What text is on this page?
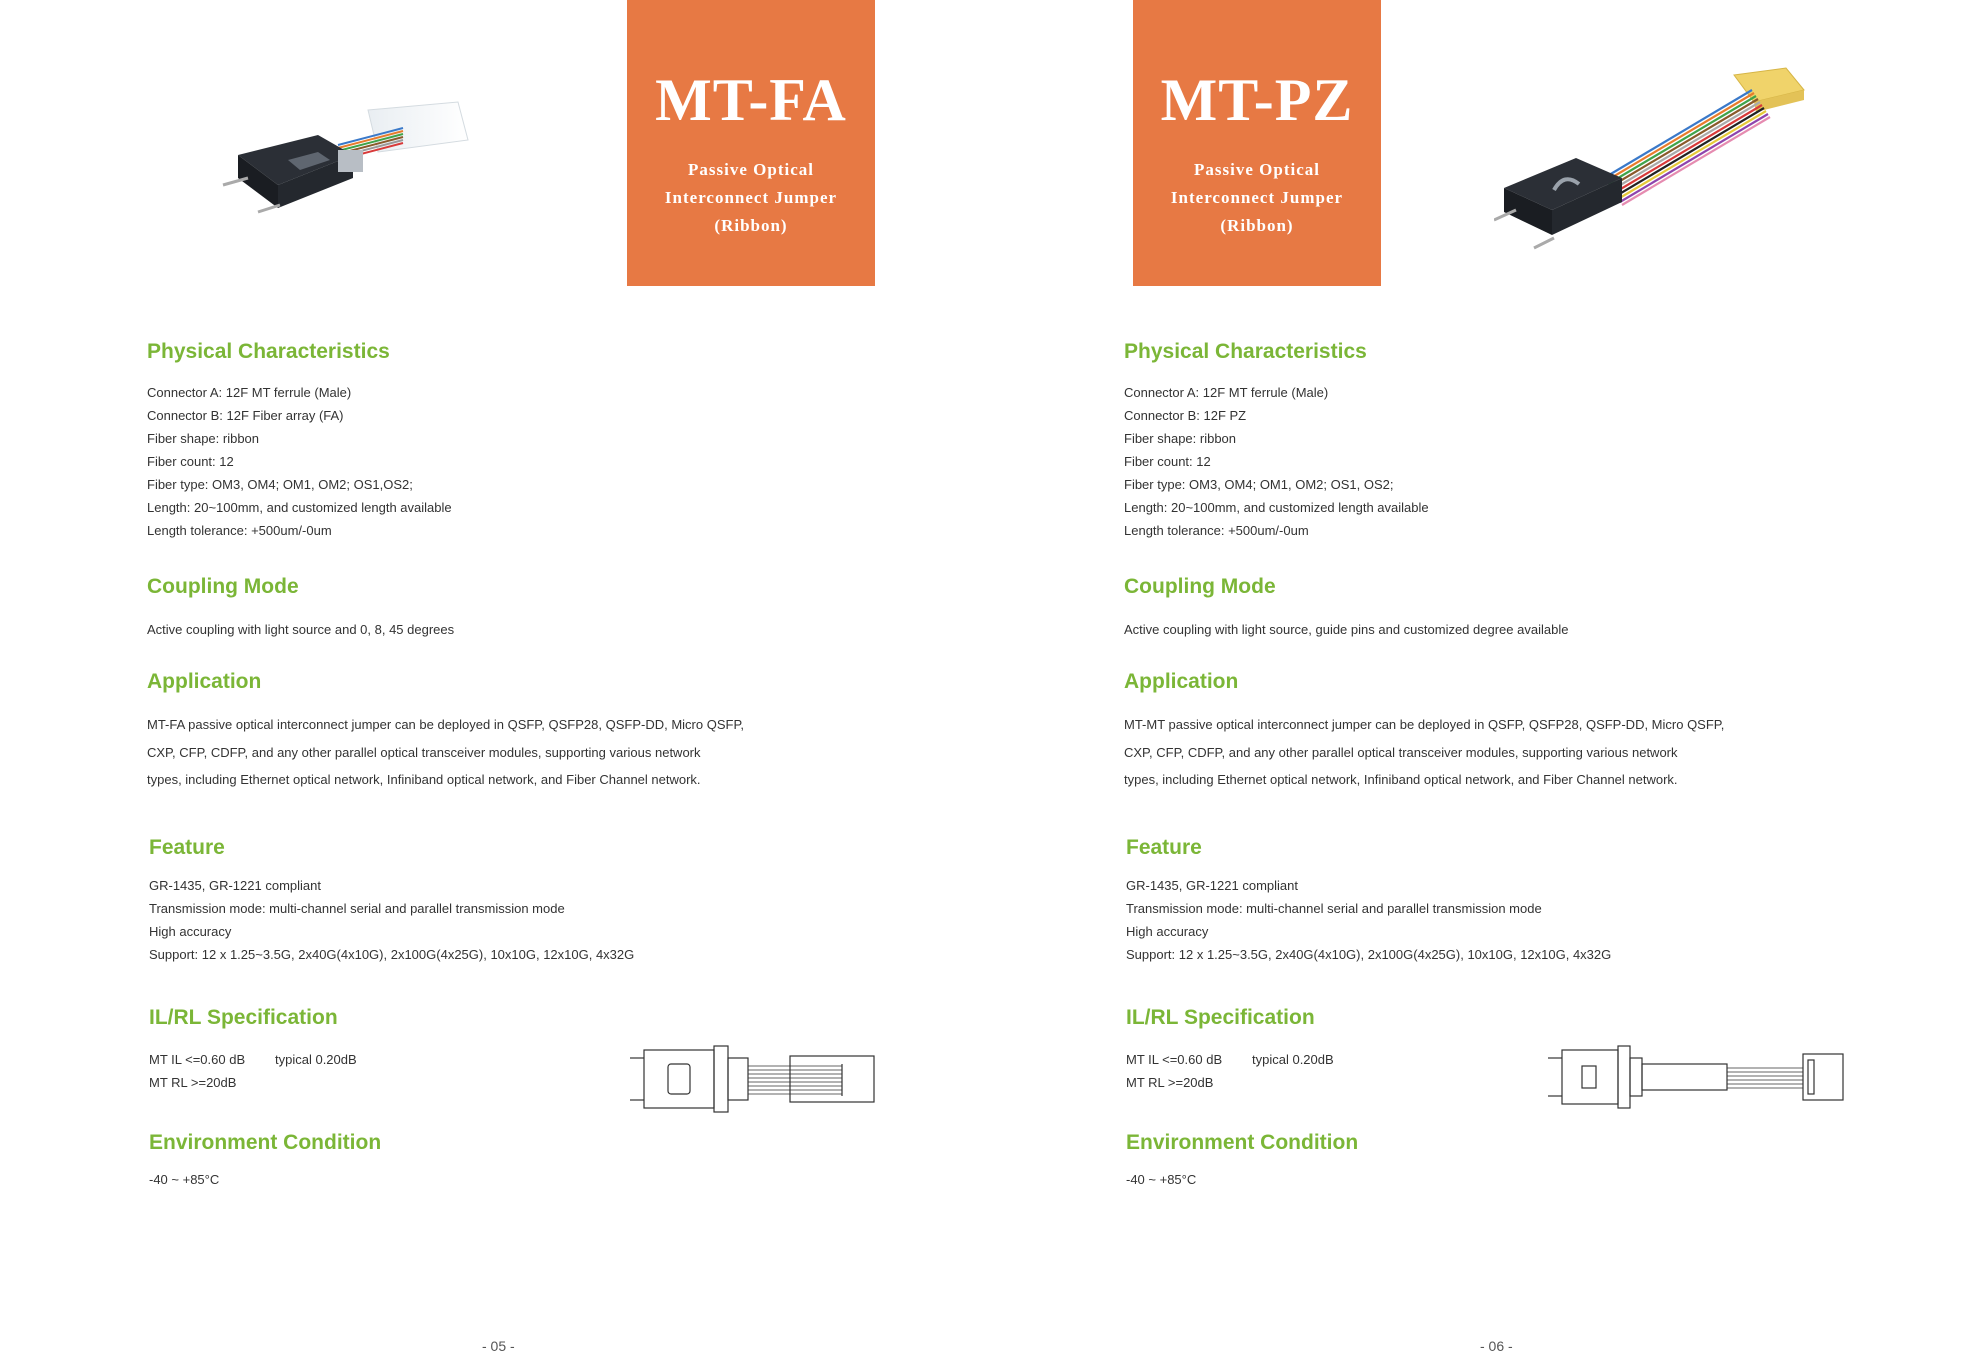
MT-FA
Passive Optical
Interconnect Jumper
(Ribbon)
Physical Characteristics
Connector A: 12F MT ferrule (Male)
Connector B: 12F Fiber array (FA)
Fiber shape: ribbon
Fiber count: 12
Fiber type: OM3, OM4; OM1, OM2; OS1,OS2;
Length: 20~100mm, and customized length available
Length tolerance: +500um/-0um
Coupling Mode

Active coupling with light source and 0, 8, 45 degrees

Application
MT-FA passive optical interconnect jumper can be deployed in QSFP, QSFP28, QSFP-DD, Micro QSFP,
CXP, CFP, CDFP, and any other parallel optical transceiver modules, supporting various network
types, including Ethernet optical network, Infiniband optical network, and Fiber Channel network.
Feature
GR-1435, GR-1221 compliant
Transmission mode: multi-channel serial and parallel transmission mode
High accuracy
Support: 12 x 1.25~3.5G, 2x40G(4x10G), 2x100G(4x25G), 10x10G, 12x10G, 4x32G
IL/RL Specification
MT IL <=0.60 dB	typical 0.20dB
MT RL >=20dB
Environment Condition

-40 ~ +85°C

- 05 -
MT-PZ
Passive Optical
Interconnect Jumper
(Ribbon)
Physical Characteristics
Connector A: 12F MT ferrule (Male)
Connector B: 12F PZ
Fiber shape: ribbon
Fiber count: 12
Fiber type: OM3, OM4; OM1, OM2; OS1, OS2;
Length: 20~100mm, and customized length available
Length tolerance: +500um/-0um
Coupling Mode

Active coupling with light source, guide pins and customized degree available

Application
MT-MT passive optical interconnect jumper can be deployed in QSFP, QSFP28, QSFP-DD, Micro QSFP,
CXP, CFP, CDFP, and any other parallel optical transceiver modules, supporting various network
types, including Ethernet optical network, Infiniband optical network, and Fiber Channel network.
Feature
GR-1435, GR-1221 compliant
Transmission mode: multi-channel serial and parallel transmission mode
High accuracy
Support: 12 x 1.25~3.5G, 2x40G(4x10G), 2x100G(4x25G), 10x10G, 12x10G, 4x32G
IL/RL Specification
MT IL <=0.60 dB	typical 0.20dB
MT RL >=20dB
Environment Condition

-40 ~ +85°C

- 06 -
